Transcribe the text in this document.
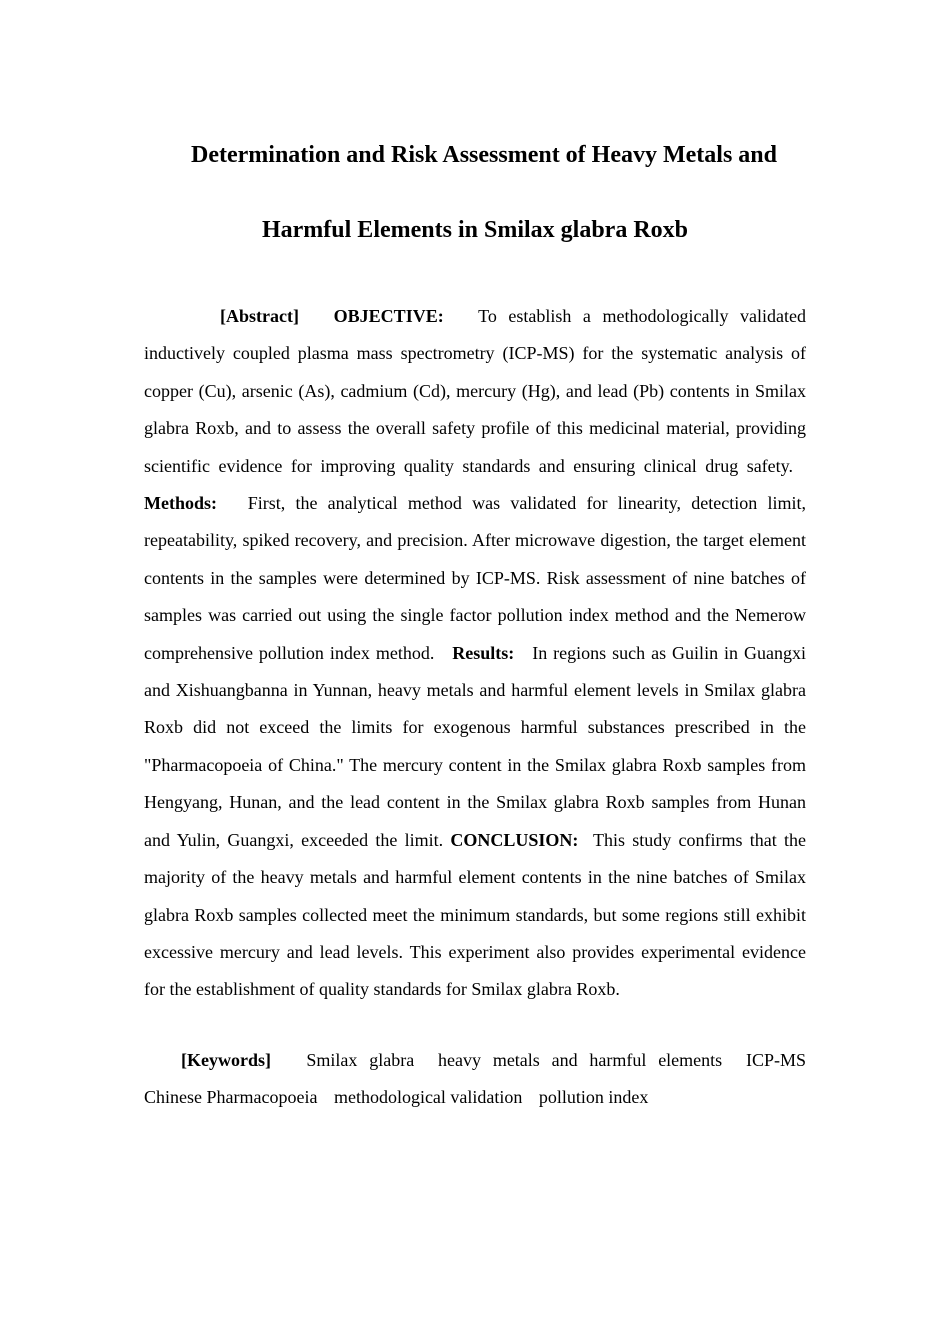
Determination and Risk Assessment of Heavy Metals and
Harmful Elements in Smilax glabra Roxb

[Abstract] OBJECTIVE: To establish a methodologically validated inductively coupled plasma mass spectrometry (ICP-MS) for the systematic analysis of copper (Cu), arsenic (As), cadmium (Cd), mercury (Hg), and lead (Pb) contents in Smilax glabra Roxb, and to assess the overall safety profile of this medicinal material, providing scientific evidence for improving quality standards and ensuring clinical drug safety.   Methods: First, the analytical method was validated for linearity, detection limit, repeatability, spiked recovery, and precision. After microwave digestion, the target element contents in the samples were determined by ICP-MS. Risk assessment of nine batches of samples was carried out using the single factor pollution index method and the Nemerow comprehensive pollution index method. Results: In regions such as Guilin in Guangxi and Xishuangbanna in Yunnan, heavy metals and harmful element levels in Smilax glabra Roxb did not exceed the limits for exogenous harmful substances prescribed in the "Pharmacopoeia of China." The mercury content in the Smilax glabra Roxb samples from Hengyang, Hunan, and the lead content in the Smilax glabra Roxb samples from Hunan and Yulin, Guangxi, exceeded the limit. CONCLUSION: This study confirms that the majority of the heavy metals and harmful element contents in the nine batches of Smilax glabra Roxb samples collected meet the minimum standards, but some regions still exhibit excessive mercury and lead levels. This experiment also provides experimental evidence for the establishment of quality standards for Smilax glabra Roxb.

[Keywords] Smilax glabra heavy metals and harmful elements ICP-MS Chinese Pharmacopoeia methodological validation pollution index
